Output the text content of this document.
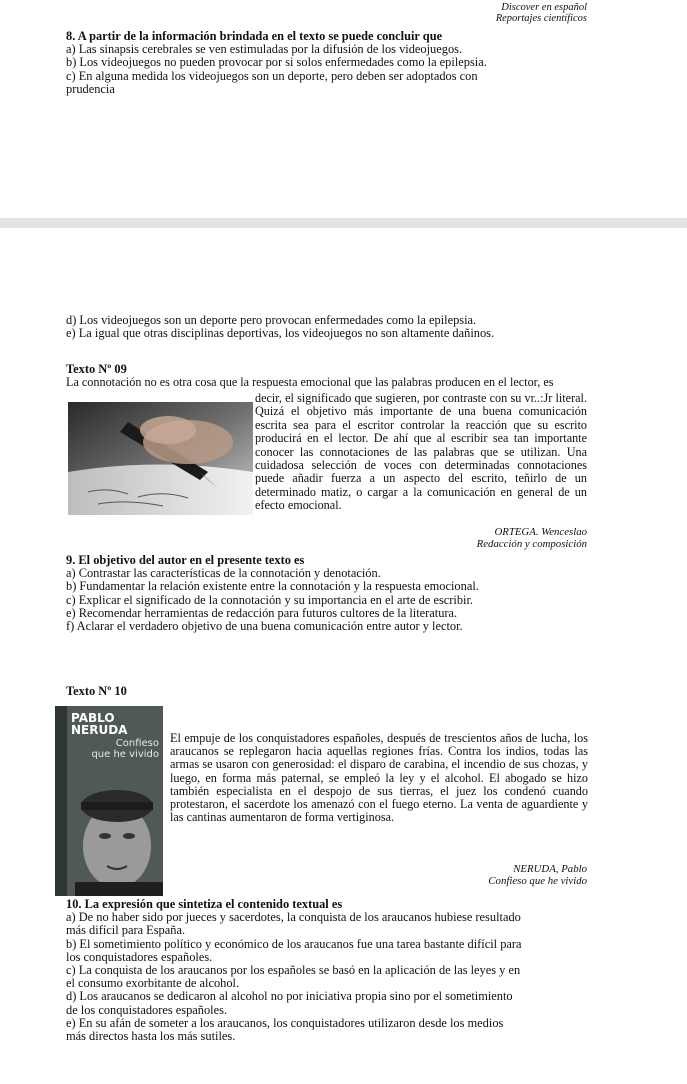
Discover en español
Reportajes científicos
8. A partir de la información brindada en el texto se puede concluir que
a) Las sinapsis cerebrales se ven estimuladas por la difusión de los videojuegos.
b) Los videojuegos no pueden provocar por si solos enfermedades como la epilepsia.
c) En alguna medida los videojuegos son un deporte, pero deben ser adoptados con
prudencia
d) Los videojuegos son un deporte pero provocan enfermedades como la epilepsia.
e) La igual que otras disciplinas deportivas, los videojuegos no son altamente dañinos.
Texto Nº 09
La connotación no es otra cosa que la respuesta emocional que las palabras producen en el lector, es
decir, el significado que sugieren, por contraste con su vr..:Jr literal. Quizá el objetivo más importante de una buena comunicación escrita sea para el escritor controlar la reacción que su escrito producirá en el lector. De ahí que al escribir sea tan importante conocer las connotaciones de las palabras que se utilizan. Una cuidadosa selección de voces con determinadas connotaciones puede añadir fuerza a un aspecto del escrito, teñirlo de un determinado matiz, o cargar a la comunicación en general de un efecto emocional.
ORTEGA. Wenceslao
Redacción y composición
9. El objetivo del autor en el presente texto es
a) Contrastar las características de la connotación y denotación.
b) Fundamentar la relación existente entre la connotación y la respuesta emocional.
c) Explicar el significado de la connotación y su importancia en el arte de escribir.
e) Recomendar herramientas de redacción para futuros cultores de la literatura.
f) Aclarar el verdadero objetivo de una buena comunicación entre autor y lector.
Texto Nº 10
PABLO
NERUDA
Confieso
que he vivido
El empuje de los conquistadores españoles, después de trescientos años de lucha, los araucanos se replegaron hacia aquellas regiones frías. Contra los indios, todas las armas se usaron con generosidad: el disparo de carabina, el incendio de sus chozas, y luego, en forma más paternal, se empleó la ley y el alcohol. El abogado se hizo también especialista en el despojo de sus tierras, el juez los condenó cuando protestaron, el sacerdote los amenazó con el fuego eterno. La venta de aguardiente y las cantinas aumentaron de forma vertiginosa.
NERUDA, Pablo
Confieso que he vivido
10. La expresión que sintetiza el contenido textual es
a) De no haber sido por jueces y sacerdotes, la conquista de los araucanos hubiese resultado
más difícil para España.
b) El sometimiento político y económico de los araucanos fue una tarea bastante difícil para
los conquistadores españoles.
c) La conquista de los araucanos por los españoles se basó en la aplicación de las leyes y en
el consumo exorbitante de alcohol.
d) Los araucanos se dedicaron al alcohol no por iniciativa propia sino por el sometimiento
de los conquistadores españoles.
e) En su afán de someter a los araucanos, los conquistadores utilizaron desde los medios
más directos hasta los más sutiles.
